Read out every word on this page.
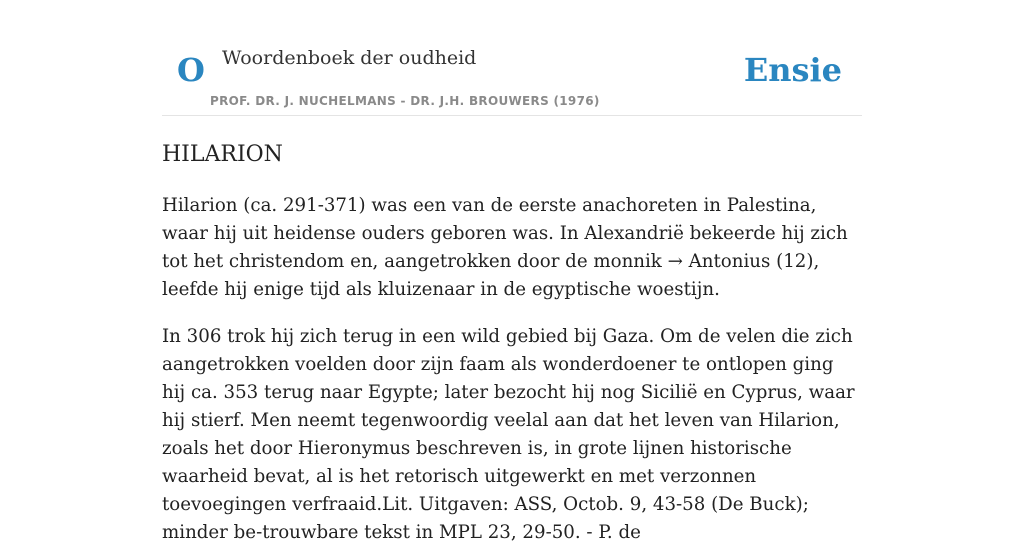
O Woordenboek der oudheid
PROF. DR. J. NUCHELMANS - DR. J.H. BROUWERS (1976)
Ensie
HILARION

Hilarion (ca. 291-371) was een van de eerste anachoreten in Palestina, waar hij uit heidense ouders geboren was. In Alexandrië bekeerde hij zich tot het christendom en, aangetrokken door de monnik → Antonius (12), leefde hij enige tijd als kluizenaar in de egyptische woestijn.

In 306 trok hij zich terug in een wild gebied bij Gaza. Om de velen die zich aangetrokken voelden door zijn faam als wonderdoener te ontlopen ging hij ca. 353 terug naar Egypte; later bezocht hij nog Sicilië en Cyprus, waar hij stierf. Men neemt tegenwoordig veelal aan dat het leven van Hilarion, zoals het door Hieronymus beschreven is, in grote lijnen historische waarheid bevat, al is het retorisch uitgewerkt en met verzonnen toevoegingen verfraaid.Lit. Uitgaven: ASS, Octob. 9, 43-58 (De Buck); minder be-trouwbare tekst in MPL 23, 29-50. - P. de
